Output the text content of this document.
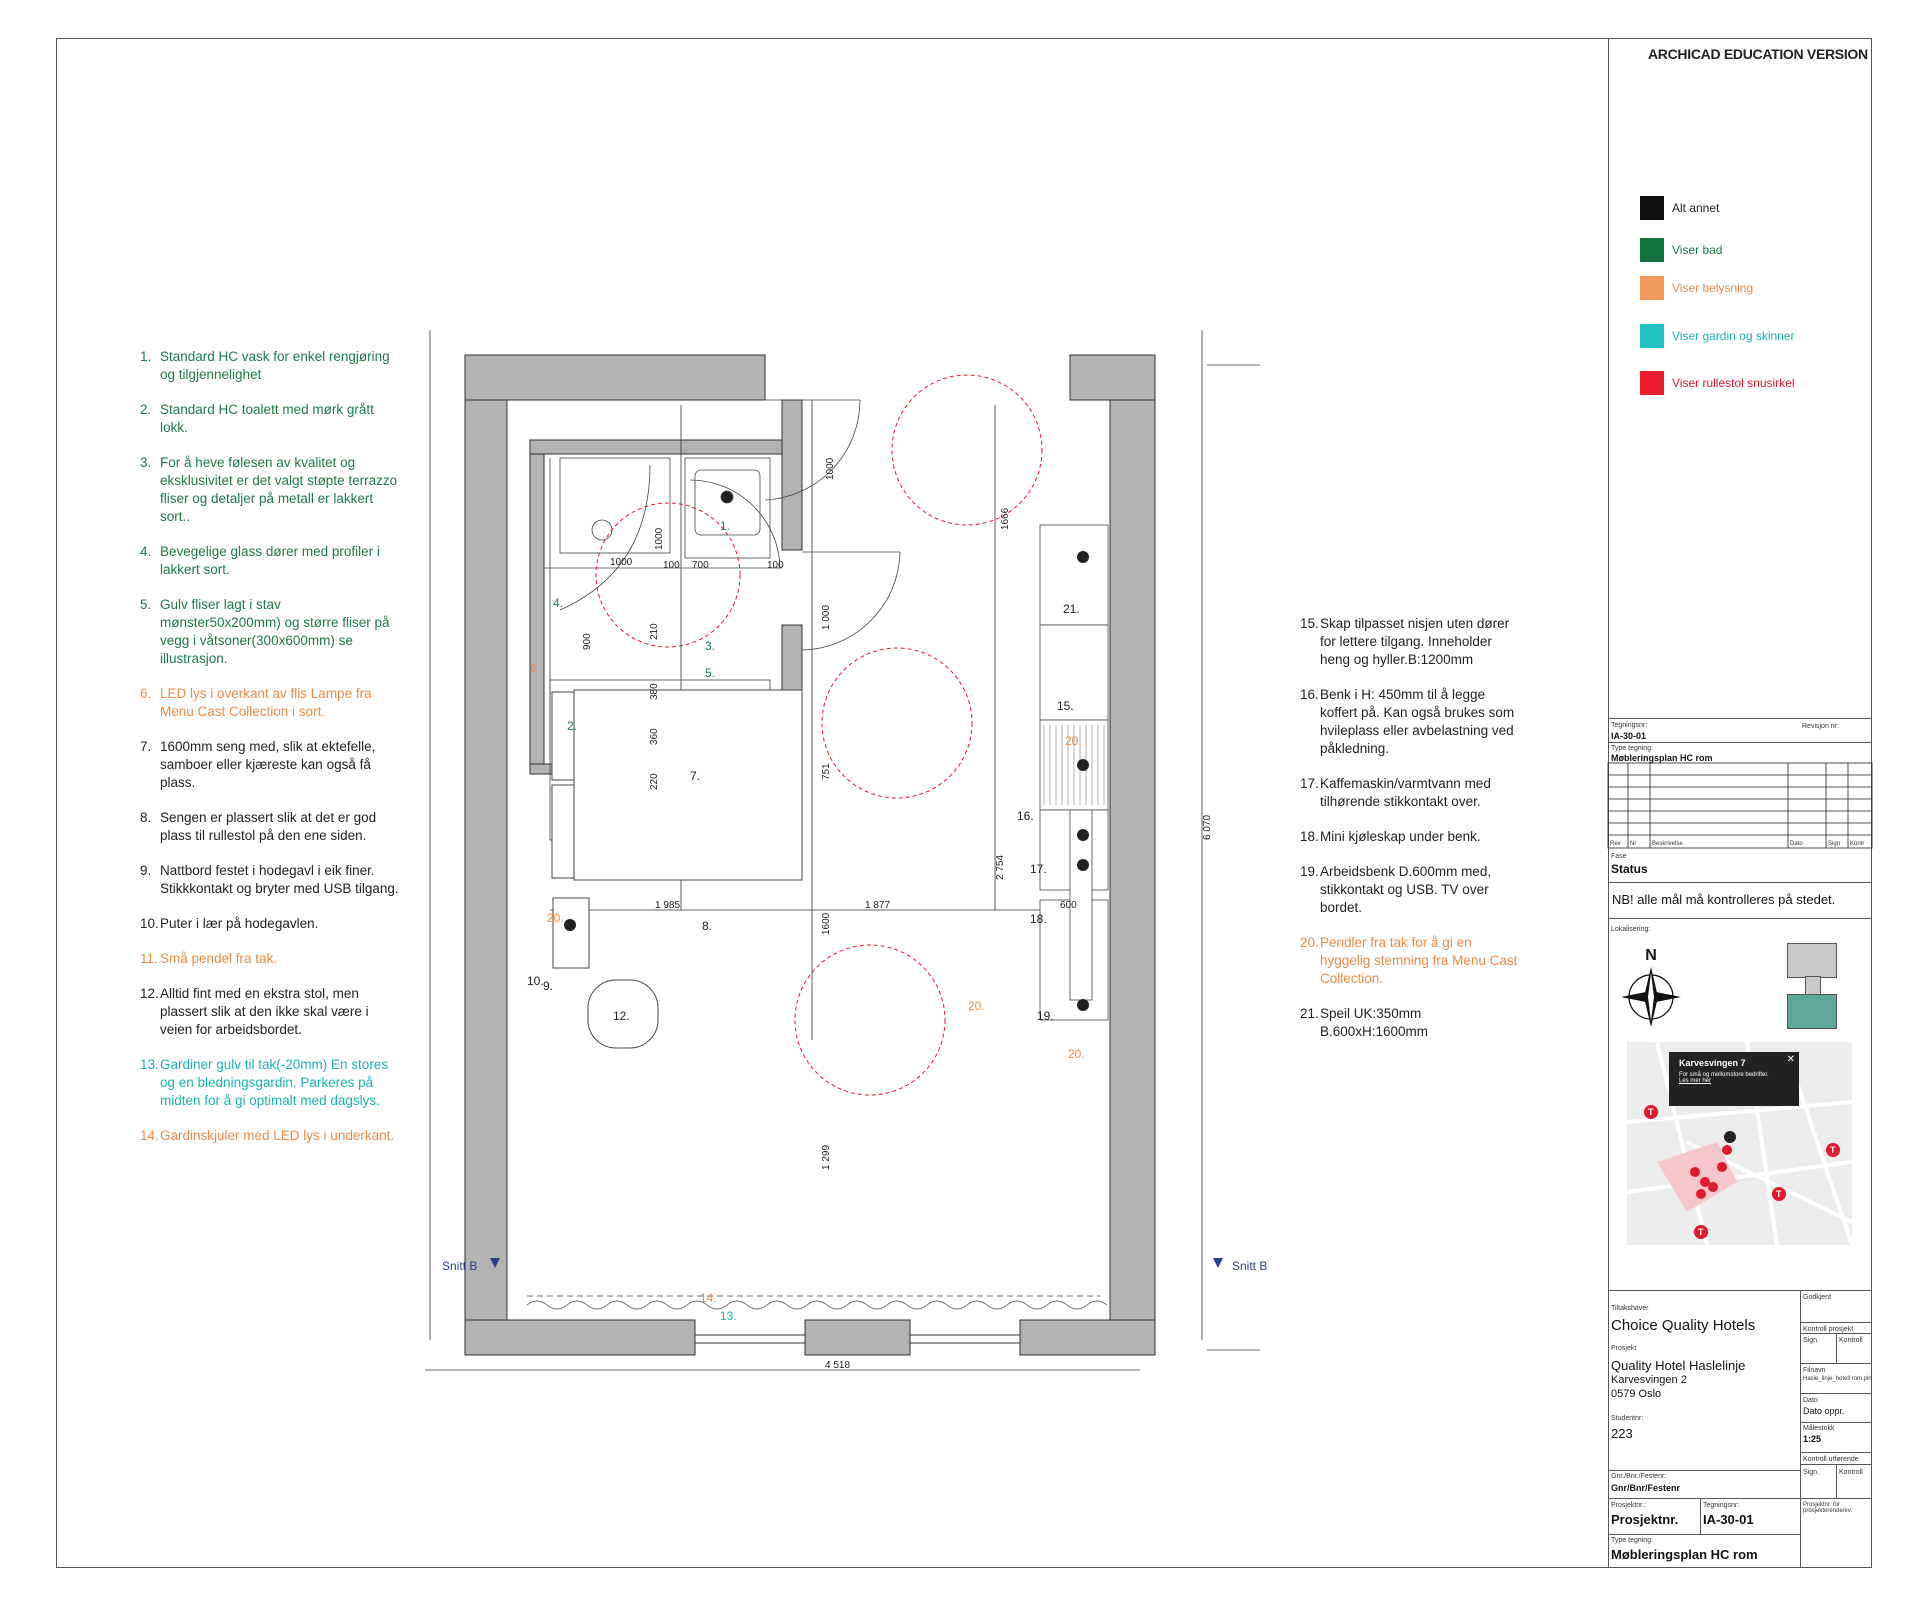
ARCHICAD EDUCATION VERSION
Alt annet
Viser bad
Viser belysning
Viser gardin og skinner
Viser rullestol snusirkel
1. Standard HC vask for enkel rengjøring og tilgjennelighet
2. Standard HC toalett med mørk grått lokk.
3. For å heve følesen av kvalitet og eksklusivitet er det valgt støpte terrazzo fliser og detaljer på metall er lakkert sort..
4. Bevegelige glass dører med profiler i lakkert sort.
5. Gulv fliser lagt i stav mønster50x200mm) og større fliser på vegg i våtsoner(300x600mm) se illustrasjon.
6. LED lys i overkant av flis Lampe fra Menu Cast Collection i sort.
7. 1600mm seng med, slik at ektefelle, samboer eller kjæreste kan også få plass.
8. Sengen er plassert slik at det er god plass til rullestol på den ene siden.
9. Nattbord festet i hodegavl i eik finer. Stikkkontakt og bryter med USB tilgang.
10. Puter i lær på hodegavlen.
11. Små pendel fra tak.
12. Alltid fint med en ekstra stol, men plassert slik at den ikke skal være i veien for arbeidsbordet.
13. Gardiner gulv til tak(-20mm) En stores og en bledningsgardin. Parkeres på midten for å gi optimalt med dagslys.
14. Gardinskjuler med LED lys i underkant.
15. Skap tilpasset nisjen uten dører for lettere tilgang. Inneholder heng og hyller.B:1200mm
16. Benk i H: 450mm til å legge koffert på. Kan også brukes som hvileplass eller avbelastning ved påkledning.
17. Kaffemaskin/varmtvann med tilhørende stikkontakt over.
18. Mini kjøleskap under benk.
19. Arbeidsbenk D.600mm med, stikkontakt og USB. TV over bordet.
20. Pendler fra tak for å gi en hyggelig stemning fra Menu Cast Collection.
21. Speil UK:350mm B.600xH:1600mm
1000
1666
1000	100 700	100
1000
900
210
380
360
220
1 000
751
2 754
6 070
1600
1 985	1 877	600
1 299
4 518
1.
2.
3.
4.
5.
6.
7.
8.
9.
10.
12.
13.
14.
15.
16.
17.
18.
19.
20.
20.
20.
20.
21.
Snitt B	Snitt B
Tegningsnr:
IA-30-01
Revisjon nr:
Type tegning:
Møbleringsplan HC rom
Rev Nr	Beskrivelse	Dato	Sign Kontr
Fase
Status
NB! alle mål må kontrolleres på stedet.
Lokalisering:
N
T
T
T
T
Karvesvingen 7
For små og mellomstore bedrifter.
Les mer her
✕
Tiltakshaver
Choice Quality Hotels
Prosjekt
Quality Hotel Haslelinje
Karvesvingen 2
0579 Oslo
Studentnr:
223
Godkjent
Kontroll prosjekt
Sign.	Kontroll
Filnavn
Hasle_linje_hotell rom.pln
Dato
Dato oppr.
Målestokk
1:25
Kontroll utførende
Sign.	Kontroll
Gnr./Bnr./Festenr:
Gnr/Bnr/Festenr
Prosjektnr.:
Prosjektnr.
Tegningsnr:
IA-30-01
Prosjektnr. for prosjekterende/ev.
Type tegning:
Møbleringsplan HC rom
